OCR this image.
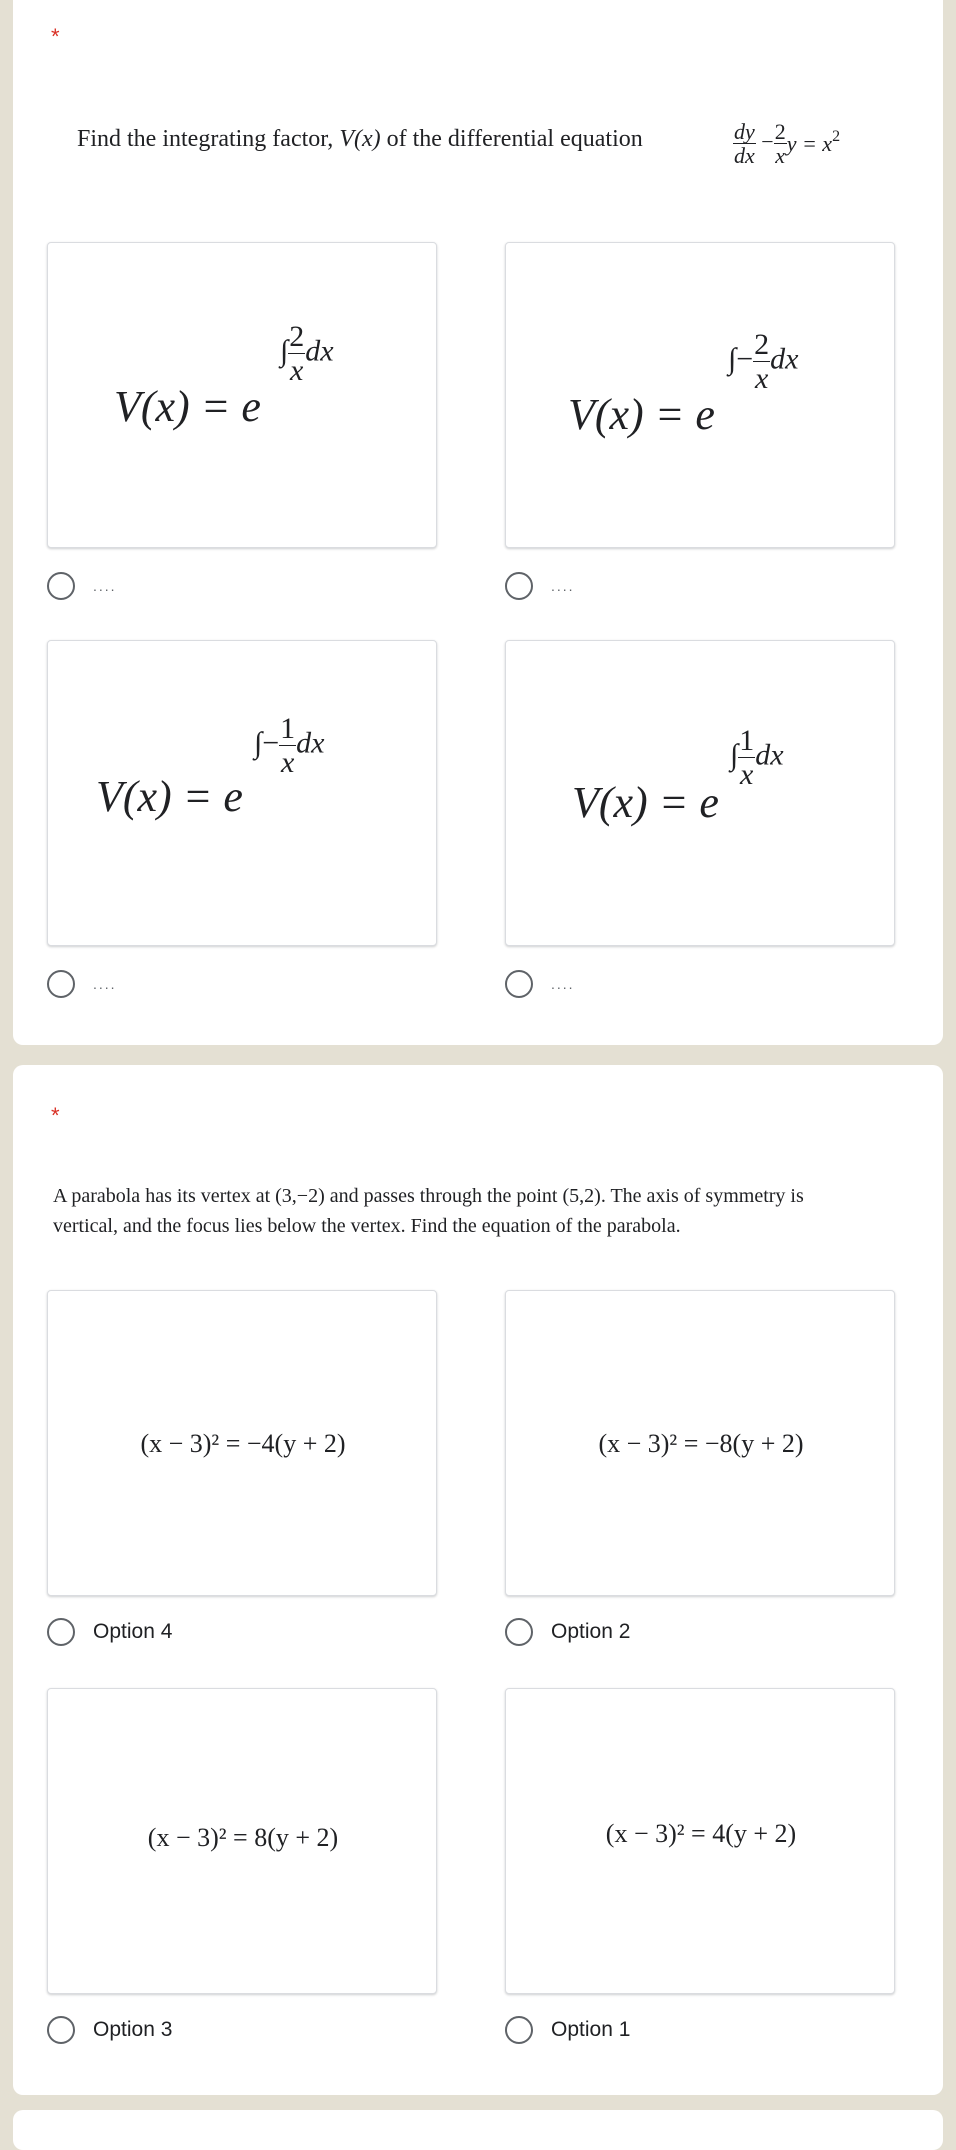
*
Find the integrating factor, V(x) of the differential equation	$\frac{dy}{dx} - \frac{2}{x}$ $y = x^2$
V(x) = e
∫ $\frac{2}{x}$ dx
....
V(x) = e
∫− $\frac{2}{x}$ dx
....
V(x) = e
∫− $\frac{1}{x}$ dx
....
V(x) = e
∫ $\frac{1}{x}$ dx
....
*
A parabola has its vertex at (3,−2) and passes through the point (5,2). The axis of symmetry is
vertical, and the focus lies below the vertex. Find the equation of the parabola.
(x − 3)² = −4(y + 2)
Option 4
(x − 3)² = −8(y + 2)
Option 2
(x − 3)² = 8(y + 2)
Option 3
(x − 3)² = 4(y + 2)
Option 1
